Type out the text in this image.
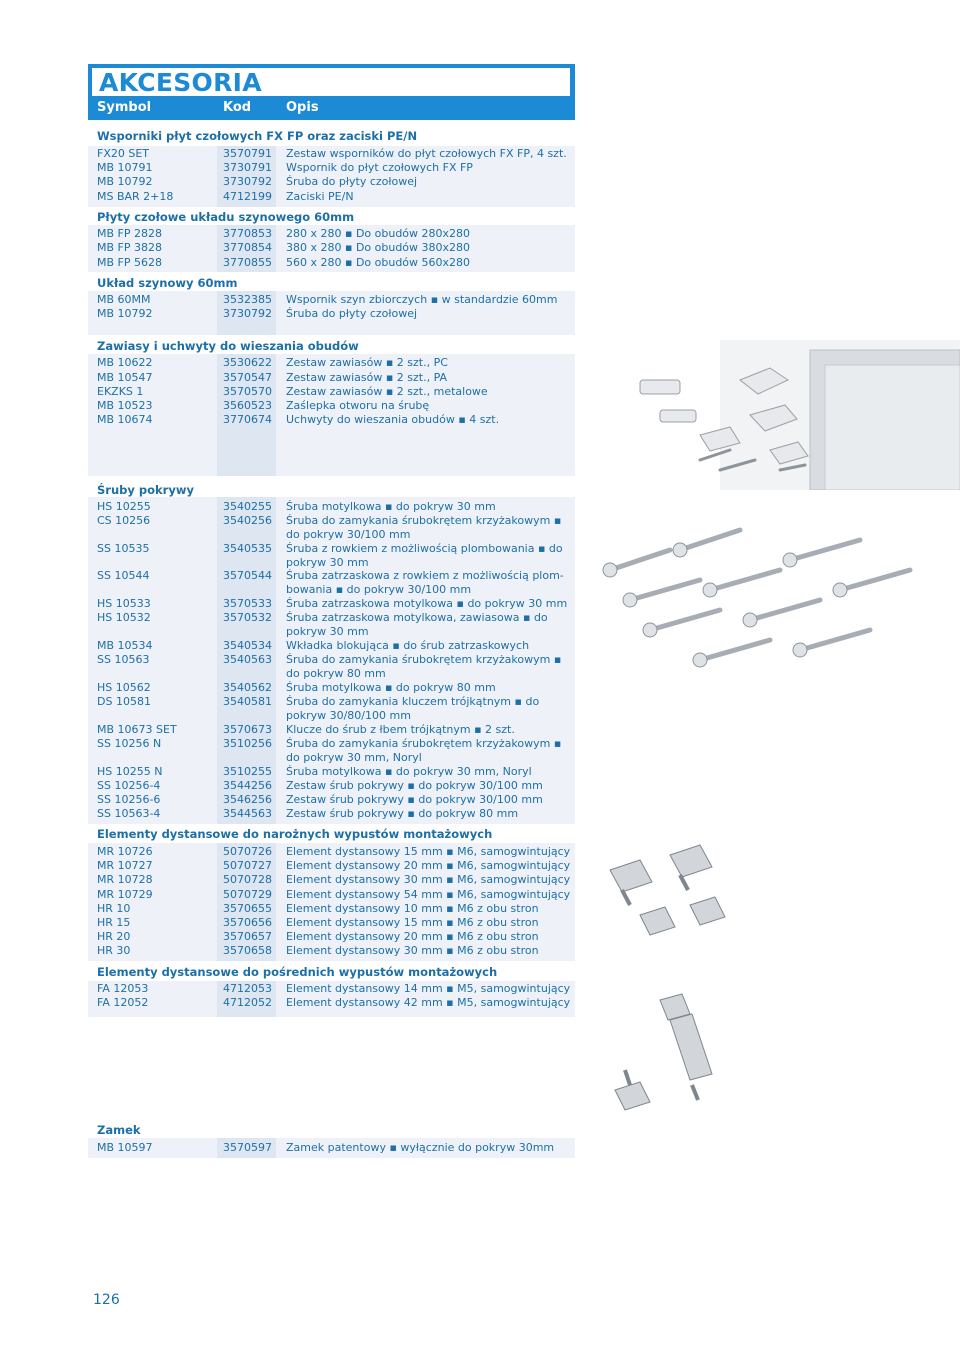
AKCESORIA
Symbol	Kod	Opis
Wsporniki płyt czołowych FX FP oraz zaciski PE/N
FX20 SET	3570791	Zestaw wsporników do płyt czołowych FX FP, 4 szt.
MB 10791	3730791	Wspornik do płyt czołowych FX FP
MB 10792	3730792	Śruba do płyty czołowej
MS BAR 2+18	4712199	Zaciski PE/N
Płyty czołowe układu szynowego 60mm
MB FP 2828	3770853	280 x 280 ▪ Do obudów 280x280
MB FP 3828	3770854	380 x 280 ▪ Do obudów 380x280
MB FP 5628	3770855	560 x 280 ▪ Do obudów 560x280
Układ szynowy 60mm
MB 60MM	3532385	Wspornik szyn zbiorczych ▪ w standardzie 60mm
MB 10792	3730792	Śruba do płyty czołowej
Zawiasy i uchwyty do wieszania obudów
MB 10622	3530622	Zestaw zawiasów ▪ 2 szt., PC
MB 10547	3570547	Zestaw zawiasów ▪ 2 szt., PA
EKZKS 1	3570570	Zestaw zawiasów ▪ 2 szt., metalowe
MB 10523	3560523	Zaślepka otworu na śrubę
MB 10674	3770674	Uchwyty do wieszania obudów ▪ 4 szt.
Śruby pokrywy
HS 10255	3540255	Śruba motylkowa ▪ do pokryw 30 mm
CS 10256	3540256	Śruba do zamykania śrubokrętem krzyżakowym ▪ do pokryw 30/100 mm
SS 10535	3540535	Śruba z rowkiem z możliwością plombowania ▪ do pokryw 30 mm
SS 10544	3570544	Śruba zatrzaskowa z rowkiem z możliwością plom-bowania ▪ do pokryw 30/100 mm
HS 10533	3570533	Śruba zatrzaskowa motylkowa ▪ do pokryw 30 mm
HS 10532	3570532	Śruba zatrzaskowa motylkowa, zawiasowa ▪ do pokryw 30 mm
MB 10534	3540534	Wkładka blokująca ▪ do śrub zatrzaskowych
SS 10563	3540563	Śruba do zamykania śrubokrętem krzyżakowym ▪ do pokryw 80 mm
HS 10562	3540562	Śruba motylkowa ▪ do pokryw 80 mm
DS 10581	3540581	Śruba do zamykania kluczem trójkątnym ▪ do pokryw 30/80/100 mm
MB 10673 SET	3570673	Klucze do śrub z łbem trójkątnym ▪ 2 szt.
SS 10256 N	3510256	Śruba do zamykania śrubokrętem krzyżakowym ▪ do pokryw 30 mm, Noryl
HS 10255 N	3510255	Śruba motylkowa ▪ do pokryw 30 mm, Noryl
SS 10256-4	3544256	Zestaw śrub pokrywy ▪ do pokryw 30/100 mm
SS 10256-6	3546256	Zestaw śrub pokrywy ▪ do pokryw 30/100 mm
SS 10563-4	3544563	Zestaw śrub pokrywy ▪ do pokryw 80 mm
Elementy dystansowe do narożnych wypustów montażowych
MR 10726	5070726	Element dystansowy 15 mm ▪ M6, samogwintujący
MR 10727	5070727	Element dystansowy 20 mm ▪ M6, samogwintujący
MR 10728	5070728	Element dystansowy 30 mm ▪ M6, samogwintujący
MR 10729	5070729	Element dystansowy 54 mm ▪ M6, samogwintujący
HR 10	3570655	Element dystansowy 10 mm ▪ M6 z obu stron
HR 15	3570656	Element dystansowy 15 mm ▪ M6 z obu stron
HR 20	3570657	Element dystansowy 20 mm ▪ M6 z obu stron
HR 30	3570658	Element dystansowy 30 mm ▪ M6 z obu stron
Elementy dystansowe do pośrednich wypustów montażowych
FA 12053	4712053	Element dystansowy 14 mm ▪ M5, samogwintujący
FA 12052	4712052	Element dystansowy 42 mm ▪ M5, samogwintujący
Zamek
MB 10597	3570597	Zamek patentowy ▪ wyłącznie do pokryw 30mm
126
